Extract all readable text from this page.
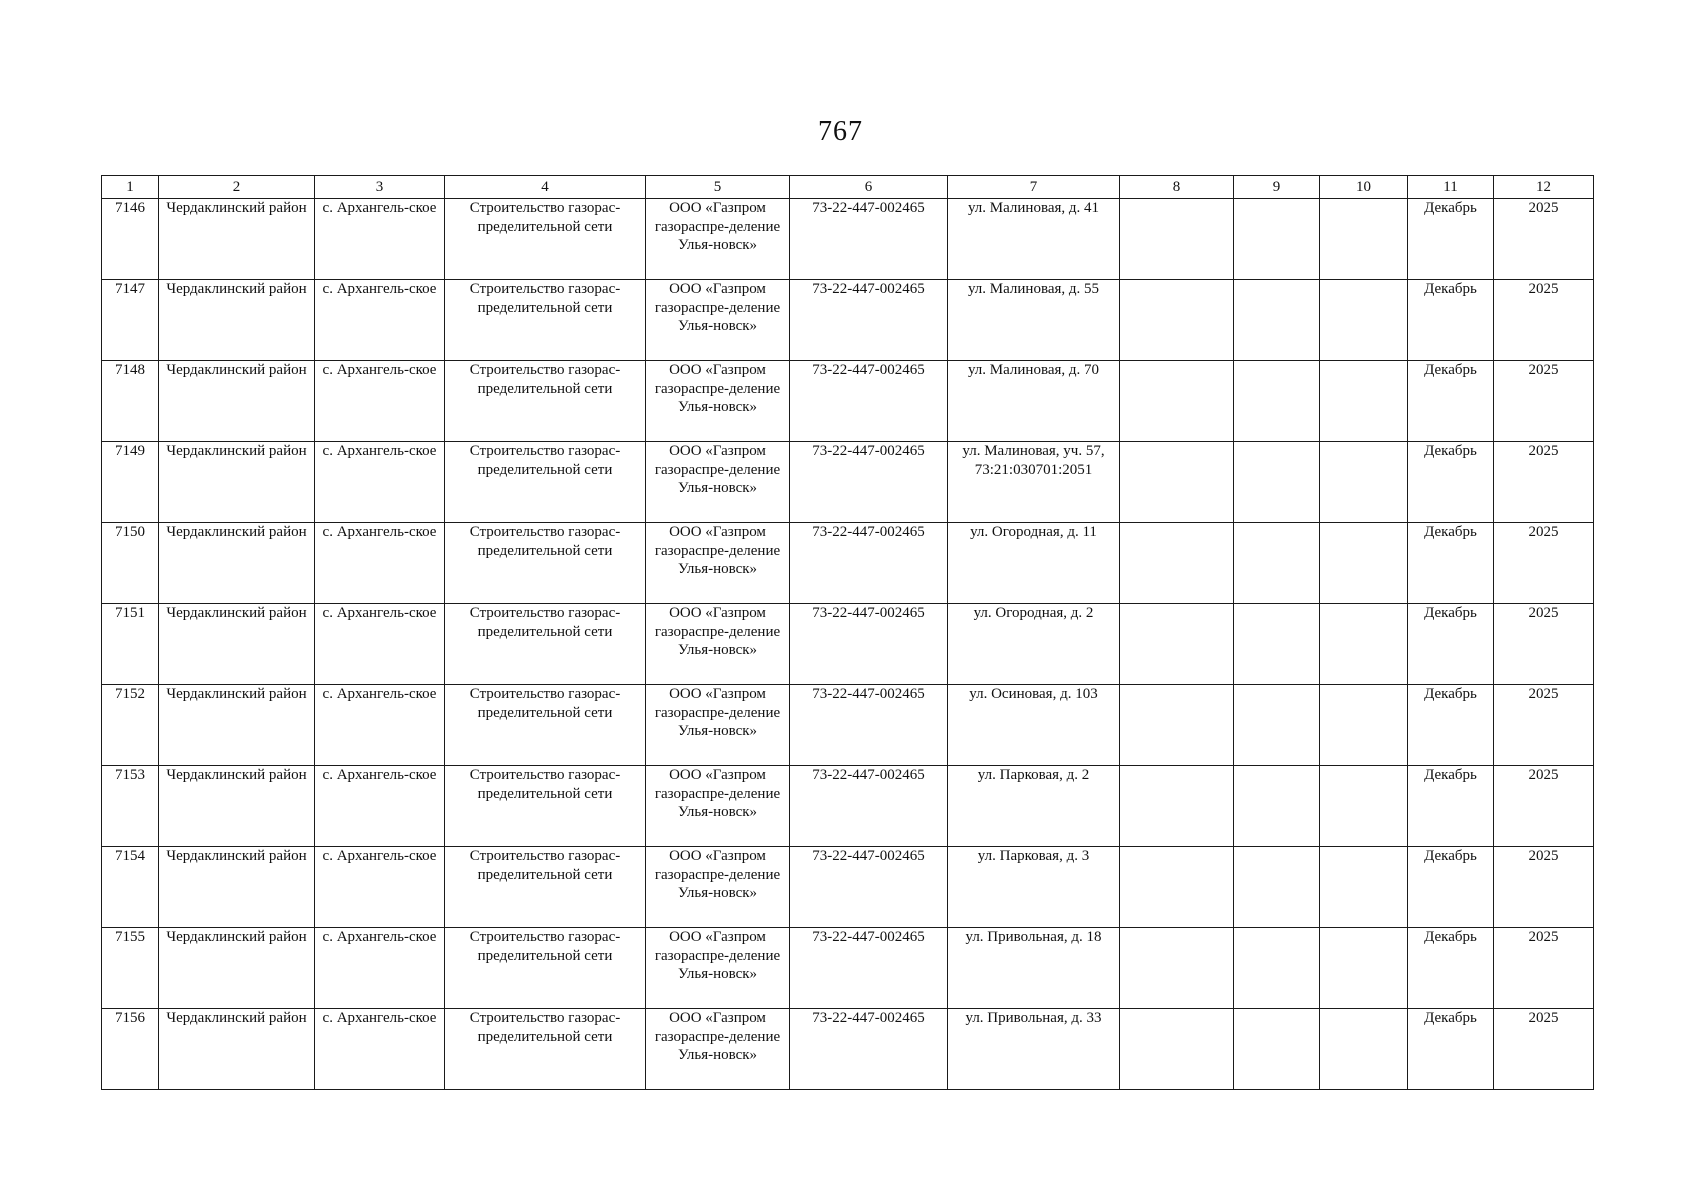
767
1	2	3	4	5	6	7	8	9	10	11	12
7146	Чердаклинский район	с. Архангель-ское	Строительство газорас-пределительной сети	ООО «Газпром газораспре-деление Улья-новск»	73-22-447-002465	ул. Малиновая, д. 41				Декабрь	2025
7147	Чердаклинский район	с. Архангель-ское	Строительство газорас-пределительной сети	ООО «Газпром газораспре-деление Улья-новск»	73-22-447-002465	ул. Малиновая, д. 55				Декабрь	2025
7148	Чердаклинский район	с. Архангель-ское	Строительство газорас-пределительной сети	ООО «Газпром газораспре-деление Улья-новск»	73-22-447-002465	ул. Малиновая, д. 70				Декабрь	2025
7149	Чердаклинский район	с. Архангель-ское	Строительство газорас-пределительной сети	ООО «Газпром газораспре-деление Улья-новск»	73-22-447-002465	ул. Малиновая, уч. 57, 73:21:030701:2051				Декабрь	2025
7150	Чердаклинский район	с. Архангель-ское	Строительство газорас-пределительной сети	ООО «Газпром газораспре-деление Улья-новск»	73-22-447-002465	ул. Огородная, д. 11				Декабрь	2025
7151	Чердаклинский район	с. Архангель-ское	Строительство газорас-пределительной сети	ООО «Газпром газораспре-деление Улья-новск»	73-22-447-002465	ул. Огородная, д. 2				Декабрь	2025
7152	Чердаклинский район	с. Архангель-ское	Строительство газорас-пределительной сети	ООО «Газпром газораспре-деление Улья-новск»	73-22-447-002465	ул. Осиновая, д. 103				Декабрь	2025
7153	Чердаклинский район	с. Архангель-ское	Строительство газорас-пределительной сети	ООО «Газпром газораспре-деление Улья-новск»	73-22-447-002465	ул. Парковая, д. 2				Декабрь	2025
7154	Чердаклинский район	с. Архангель-ское	Строительство газорас-пределительной сети	ООО «Газпром газораспре-деление Улья-новск»	73-22-447-002465	ул. Парковая, д. 3				Декабрь	2025
7155	Чердаклинский район	с. Архангель-ское	Строительство газорас-пределительной сети	ООО «Газпром газораспре-деление Улья-новск»	73-22-447-002465	ул. Привольная, д. 18				Декабрь	2025
7156	Чердаклинский район	с. Архангель-ское	Строительство газорас-пределительной сети	ООО «Газпром газораспре-деление Улья-новск»	73-22-447-002465	ул. Привольная, д. 33				Декабрь	2025
